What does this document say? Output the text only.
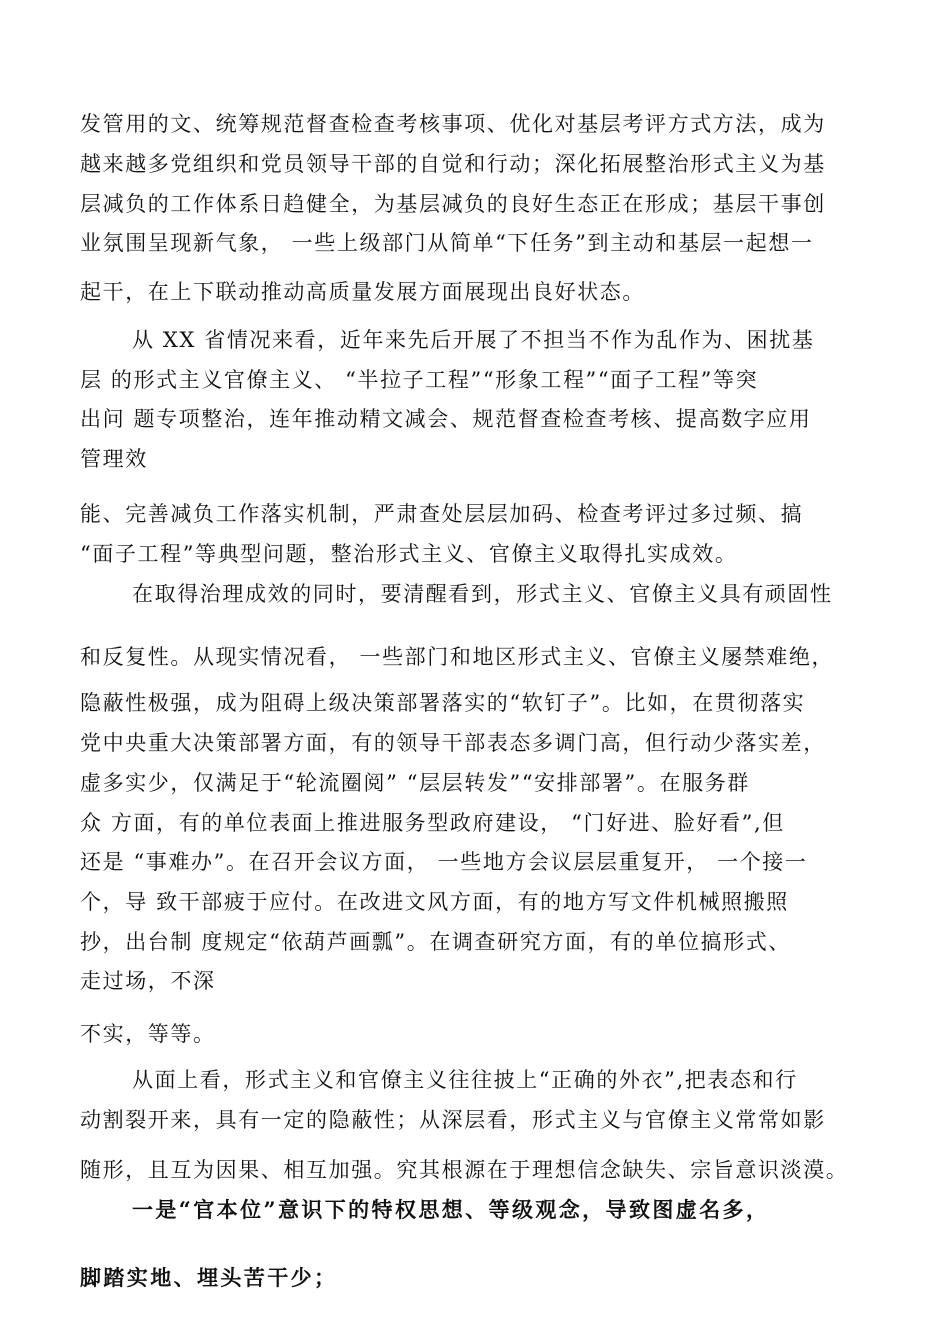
发管用的文、统筹规范督查检查考核事项、优化对基层考评方式方法，成为
越来越多党组织和党员领导干部的自觉和行动；深化拓展整治形式主义为基
层减负的工作体系日趋健全，为基层减负的良好生态正在形成；基层干事创
业氛围呈现新气象， 一些上级部门从简单“下任务”到主动和基层一起想一
起干，在上下联动推动高质量发展方面展现出良好状态。
从 XX 省情况来看，近年来先后开展了不担当不作为乱作为、困扰基
层 的形式主义官僚主义、 “半拉子工程”“形象工程”“面子工程”等突
出问 题专项整治，连年推动精文减会、规范督查检查考核、提高数字应用
管理效
能、完善减负工作落实机制，严肃查处层层加码、检查考评过多过频、搞
“面子工程”等典型问题，整治形式主义、官僚主义取得扎实成效。
在取得治理成效的同时，要清醒看到，形式主义、官僚主义具有顽固性
和反复性。从现实情况看， 一些部门和地区形式主义、官僚主义屡禁难绝，
隐蔽性极强，成为阻碍上级决策部署落实的“软钉子”。比如，在贯彻落实
党中央重大决策部署方面，有的领导干部表态多调门高，但行动少落实差，
虚多实少，仅满足于“轮流圈阅” “层层转发”“安排部署”。在服务群
众 方面，有的单位表面上推进服务型政府建设， “门好进、脸好看”,但
还是 “事难办”。在召开会议方面， 一些地方会议层层重复开， 一个接一
个，导 致干部疲于应付。在改进文风方面，有的地方写文件机械照搬照
抄，出台制 度规定“依葫芦画瓢”。在调查研究方面，有的单位搞形式、
走过场，不深
不实，等等。
从面上看，形式主义和官僚主义往往披上“正确的外衣”,把表态和行
动割裂开来，具有一定的隐蔽性；从深层看，形式主义与官僚主义常常如影
随形，且互为因果、相互加强。究其根源在于理想信念缺失、宗旨意识淡漠。
一是“官本位”意识下的特权思想、等级观念，导致图虚名多，
脚踏实地、埋头苦干少；
